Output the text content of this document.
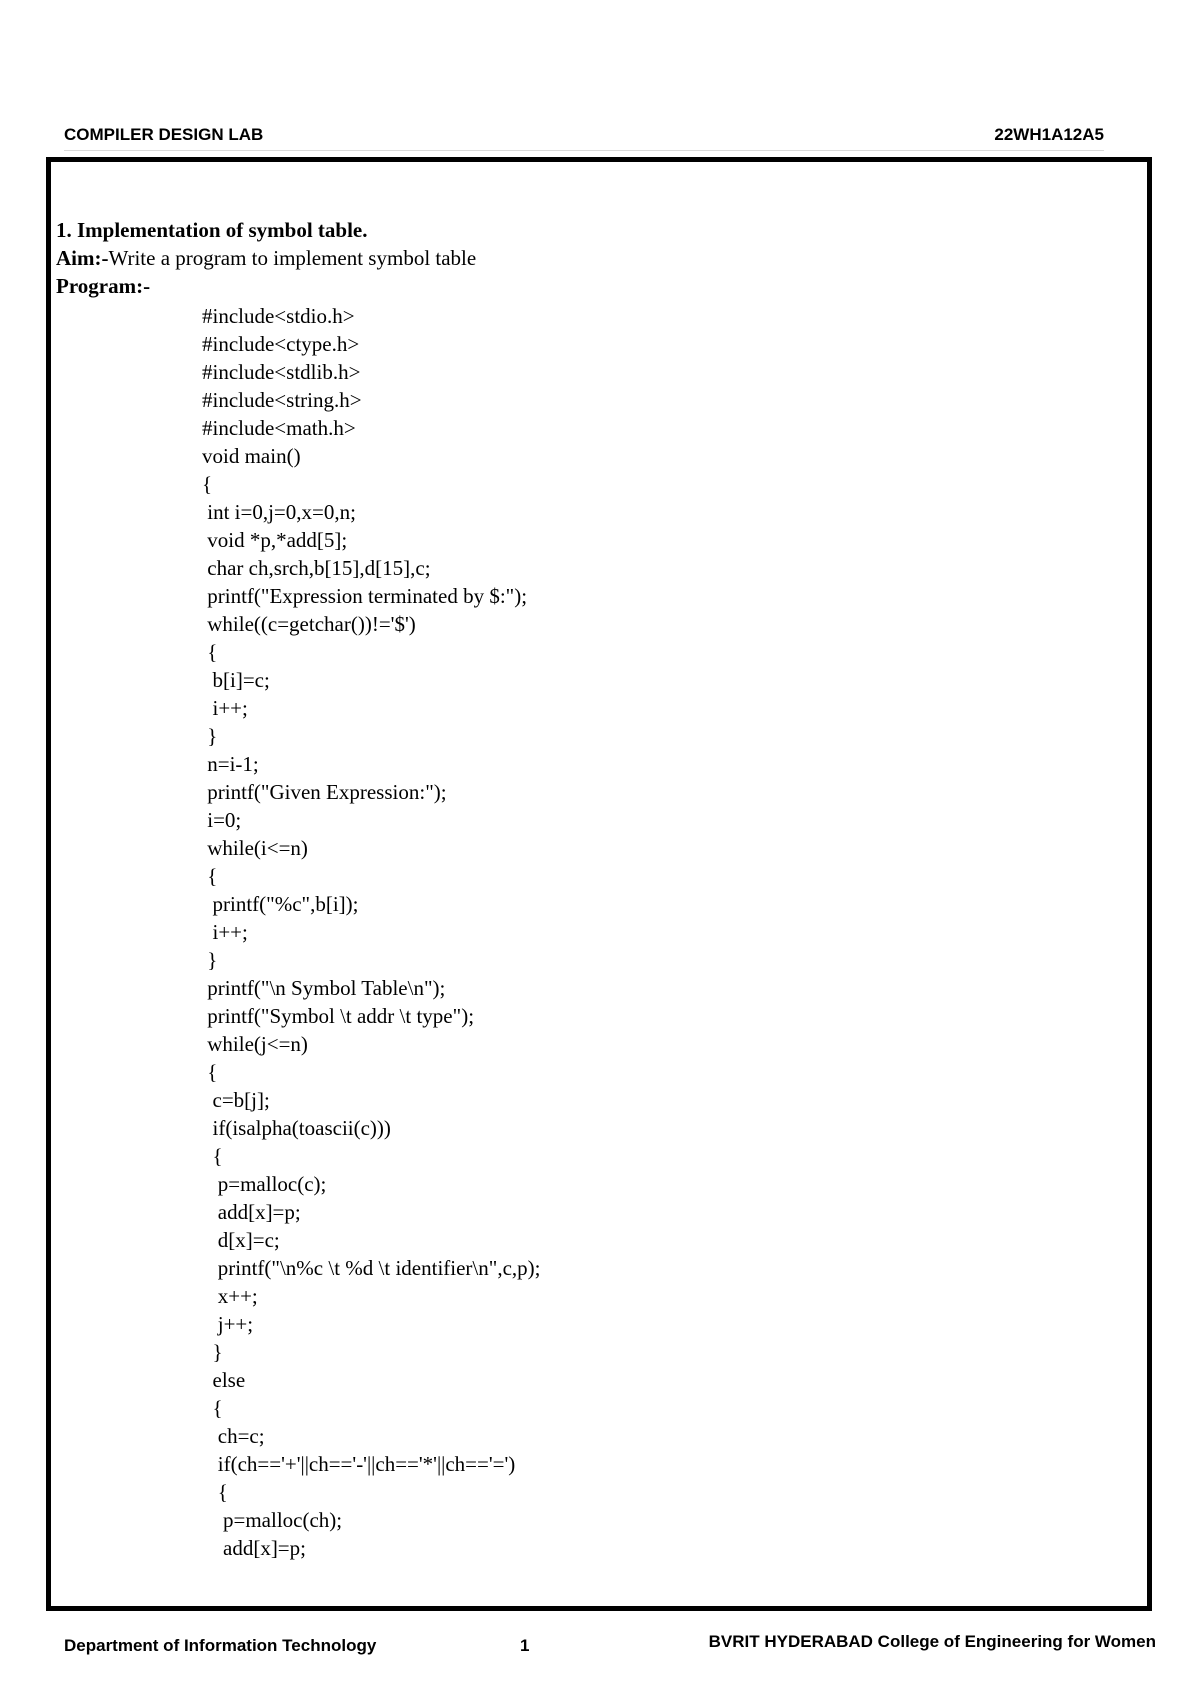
COMPILER DESIGN LAB	22WH1A12A5
1. Implementation of symbol table.
Aim:-Write a program to implement symbol table
Program:-
#include<stdio.h>
#include<ctype.h>
#include<stdlib.h>
#include<string.h>
#include<math.h>
void main()
{
int i=0,j=0,x=0,n;
void *p,*add[5];
char ch,srch,b[15],d[15],c;
printf("Expression terminated by $:");
while((c=getchar())!='$')
{
b[i]=c;
i++;
}
n=i-1;
printf("Given Expression:");
i=0;
while(i<=n)
{
printf("%c",b[i]);
i++;
}
printf("\n Symbol Table\n");
printf("Symbol \t addr \t type");
while(j<=n)
{
c=b[j];
if(isalpha(toascii(c)))
{
p=malloc(c);
add[x]=p;
d[x]=c;
printf("\n%c \t %d \t identifier\n",c,p);
x++;
j++;
}
else
{
ch=c;
if(ch=='+'||ch=='-'||ch=='*'||ch=='=')
{
p=malloc(ch);
add[x]=p;
Department of Information Technology	1	BVRIT HYDERABAD College of Engineering for Women
